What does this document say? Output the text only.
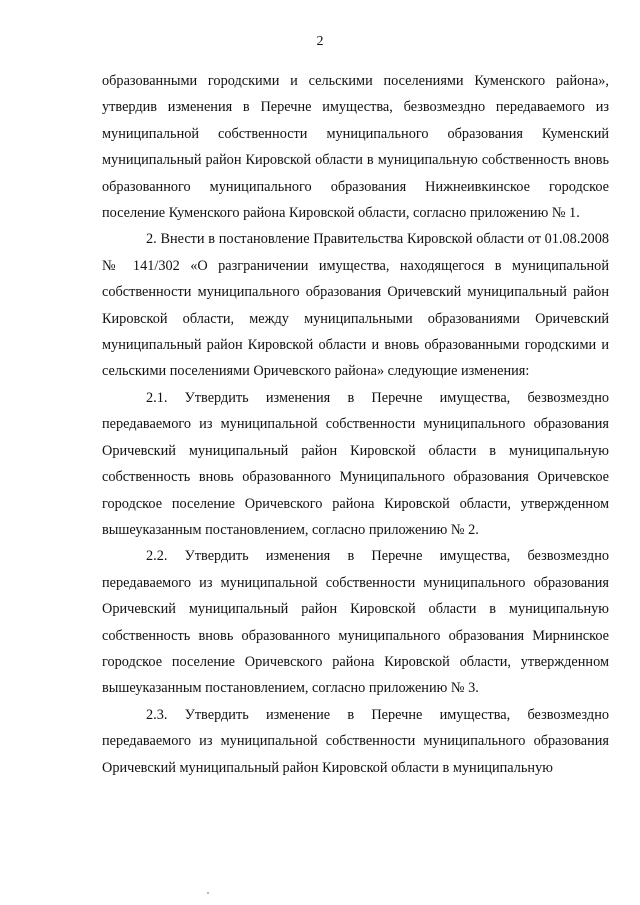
2

образованными городскими и сельскими поселениями Куменского района», утвердив изменения в Перечне имущества, безвозмездно передаваемого из муниципальной собственности муниципального образования Куменский муниципальный район Кировской области в муниципальную собственность вновь образованного муниципального образования Нижнеивкинское городское поселение Куменского района Кировской области, согласно приложению № 1.

2. Внести в постановление Правительства Кировской области от 01.08.2008 № 141/302 «О разграничении имущества, находящегося в муниципальной собственности муниципального образования Оричевский муниципальный район Кировской области, между муниципальными образованиями Оричевский муниципальный район Кировской области и вновь образованными городскими и сельскими поселениями Оричевского района» следующие изменения:

2.1. Утвердить изменения в Перечне имущества, безвозмездно передаваемого из муниципальной собственности муниципального образования Оричевский муниципальный район Кировской области в муниципальную собственность вновь образованного Муниципального образования Оричевское городское поселение Оричевского района Кировской области, утвержденном вышеуказанным постановлением, согласно приложению № 2.

2.2. Утвердить изменения в Перечне имущества, безвозмездно передаваемого из муниципальной собственности муниципального образования Оричевский муниципальный район Кировской области в муниципальную собственность вновь образованного муниципального образования Мирнинское городское поселение Оричевского района Кировской области, утвержденном вышеуказанным постановлением, согласно приложению № 3.

2.3. Утвердить изменение в Перечне имущества, безвозмездно передаваемого из муниципальной собственности муниципального образования Оричевский муниципальный район Кировской области в муниципальную
